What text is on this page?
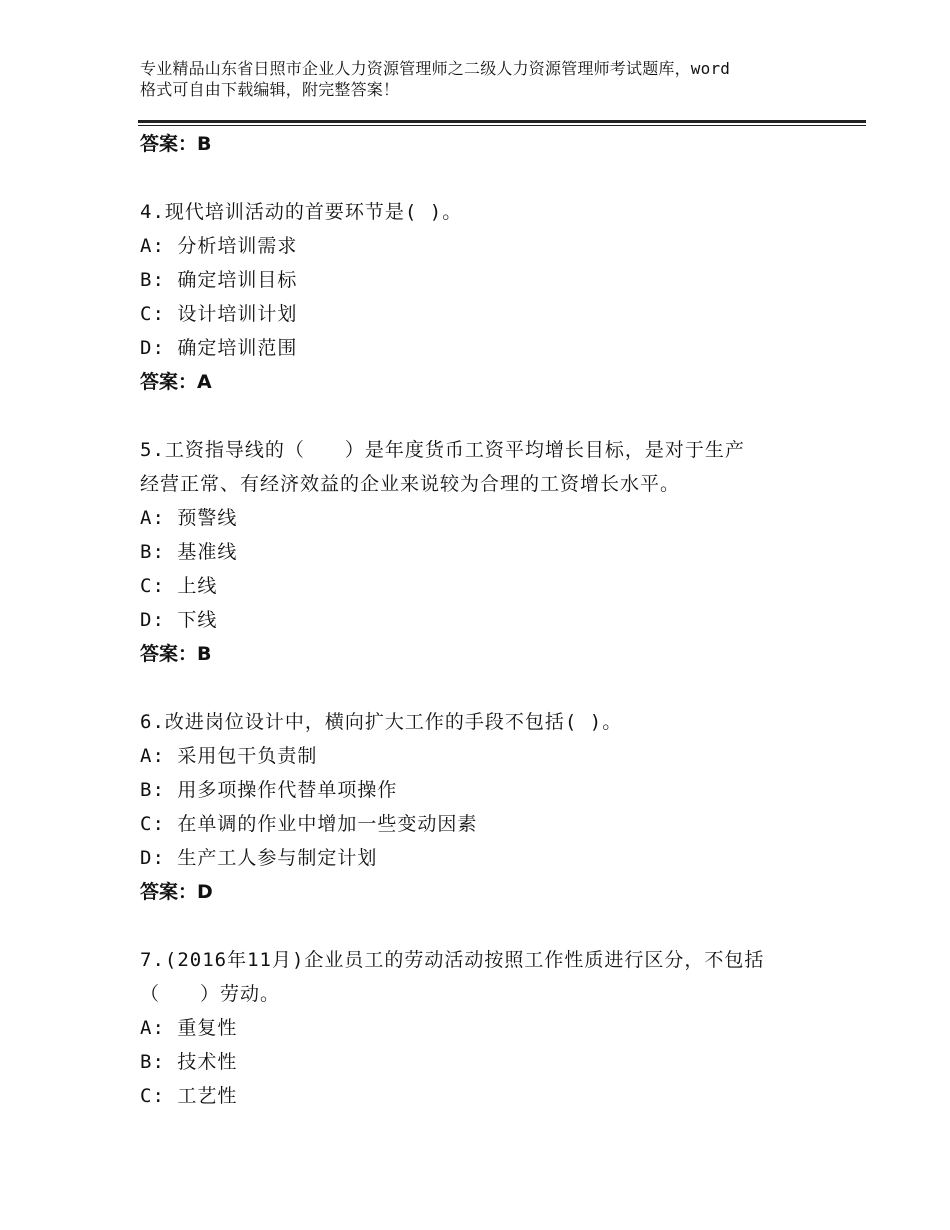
专业精品山东省日照市企业人力资源管理师之二级人力资源管理师考试题库，word
格式可自由下载编辑，附完整答案！

答案：B

4.现代培训活动的首要环节是( )。

A: 分析培训需求

B: 确定培训目标

C: 设计培训计划

D: 确定培训范围

答案：A

5.工资指导线的（　　）是年度货币工资平均增长目标，是对于生产

经营正常、有经济效益的企业来说较为合理的工资增长水平。

A: 预警线

B: 基准线

C: 上线

D: 下线

答案：B

6.改进岗位设计中，横向扩大工作的手段不包括( )。

A: 采用包干负责制

B: 用多项操作代替单项操作

C: 在单调的作业中增加一些变动因素

D: 生产工人参与制定计划

答案：D

7.(2016年11月)企业员工的劳动活动按照工作性质进行区分，不包括

（　　）劳动。

A: 重复性

B: 技术性

C: 工艺性
